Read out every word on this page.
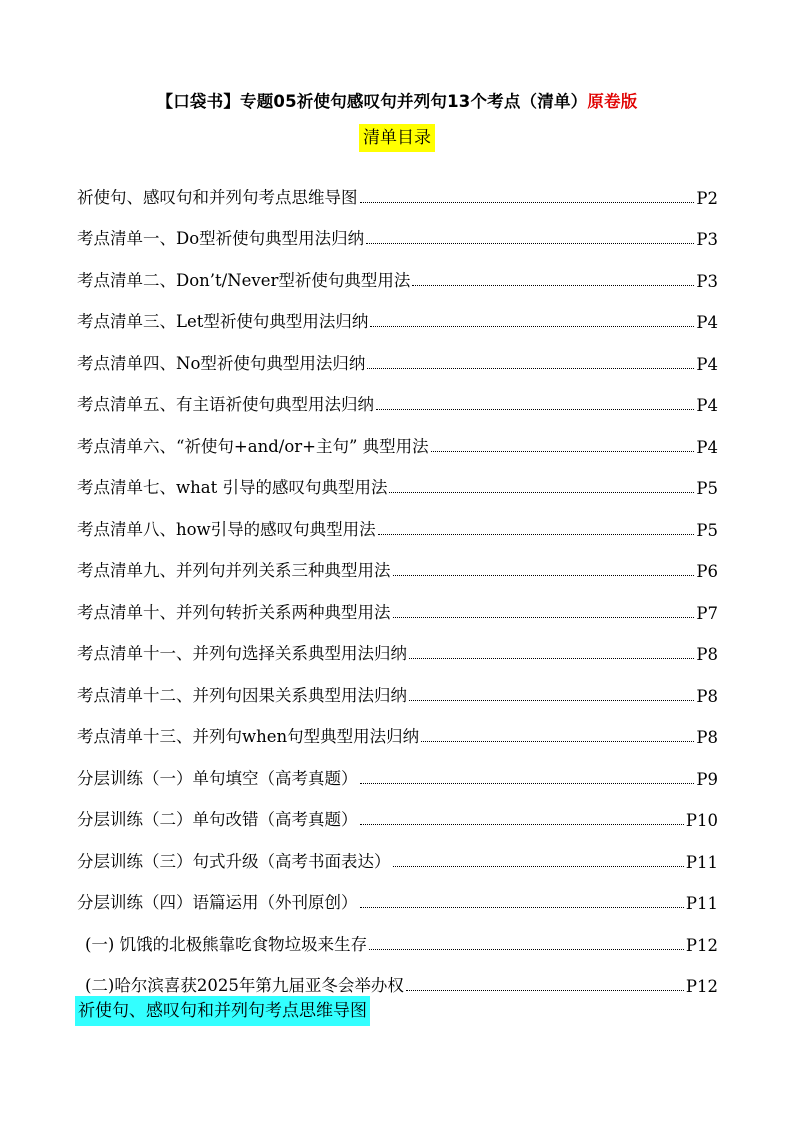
【口袋书】专题05祈使句感叹句并列句13个考点（清单）原卷版
清单目录
祈使句、感叹句和并列句考点思维导图	P2
考点清单一、Do型祈使句典型用法归纳	P3
考点清单二、Don’t/Never型祈使句典型用法	P3
考点清单三、Let型祈使句典型用法归纳	P4
考点清单四、No型祈使句典型用法归纳	P4
考点清单五、有主语祈使句典型用法归纳	P4
考点清单六、“祈使句+and/or+主句” 典型用法	P4
考点清单七、what 引导的感叹句典型用法	P5
考点清单八、how引导的感叹句典型用法	P5
考点清单九、并列句并列关系三种典型用法	P6
考点清单十、并列句转折关系两种典型用法	P7
考点清单十一、并列句选择关系典型用法归纳	P8
考点清单十二、并列句因果关系典型用法归纳	P8
考点清单十三、并列句when句型典型用法归纳	P8
分层训练（一）单句填空（高考真题）	P9
分层训练（二）单句改错（高考真题）	P10
分层训练（三）句式升级（高考书面表达）	P11
分层训练（四）语篇运用（外刊原创）	P11
(一) 饥饿的北极熊靠吃食物垃圾来生存	P12
(二)哈尔滨喜获2025年第九届亚冬会举办权	P12
祈使句、感叹句和并列句考点思维导图
